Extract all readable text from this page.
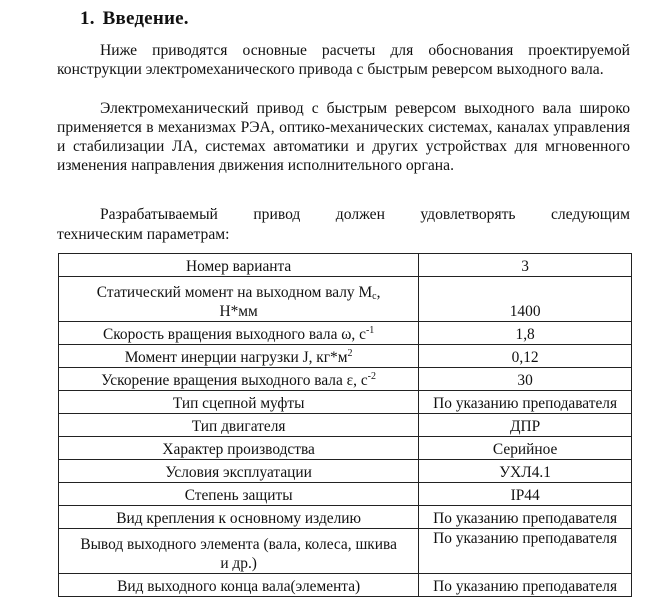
1. Введение.
Ниже приводятся основные расчеты для обоснования проектируемой конструкции электромеханического привода с быстрым реверсом выходного вала.
Электромеханический привод с быстрым реверсом выходного вала широко применяется в механизмах РЭА, оптико-механических системах, каналах управления и стабилизации ЛА, системах автоматики и других устройствах для мгновенного изменения направления движения исполнительного органа.
Разрабатываемый привод должен удовлетворять следующим
техническим параметрам:
Номер варианта	3
Статический момент на выходном валу $M_c$,
Н*мм	1400
Скорость вращения выходного вала ω, $с^{-1}$	1,8
Момент инерции нагрузки J, $кг*м^2$	0,12
Ускорение вращения выходного вала ε, $с^{-2}$	30
Тип сцепной муфты	По указанию преподавателя
Тип двигателя	ДПР
Характер производства	Серийное
Условия эксплуатации	УХЛ4.1
Степень защиты	IP44
Вид крепления к основному изделию	По указанию преподавателя
Вывод выходного элемента (вала, колеса, шкива
и др.)	По указанию преподавателя
Вид выходного конца вала(элемента)	По указанию преподавателя
